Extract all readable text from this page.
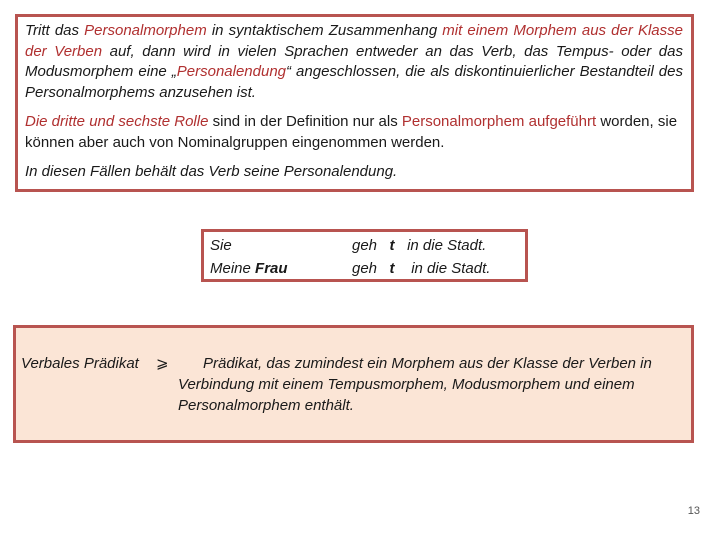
Tritt das Personalmorphem in syntaktischem Zusammenhang mit einem Morphem aus der Klasse der Verben auf, dann wird in vielen Sprachen entweder an das Verb, das Tempus- oder das Modusmorphem eine „Personalendung“ angeschlossen, die als diskontinuierlicher Bestandteil des Personalmorphems anzusehen ist.

Die dritte und sechste Rolle sind in der Definition nur als Personalmorphem aufgeführt worden, sie können aber auch von Nominalgruppen eingenommen werden.

In diesen Fällen behält das Verb seine Personalendung.

Sie
Meine Frau
geh t in die Stadt.
geh t in die Stadt.
Verbales Prädikat ⩾ Prädikat, das zumindest ein Morphem aus der Klasse der Verben in
Verbindung mit einem Tempusmorphem, Modusmorphem und einem Personalmorphem enthält.
13
